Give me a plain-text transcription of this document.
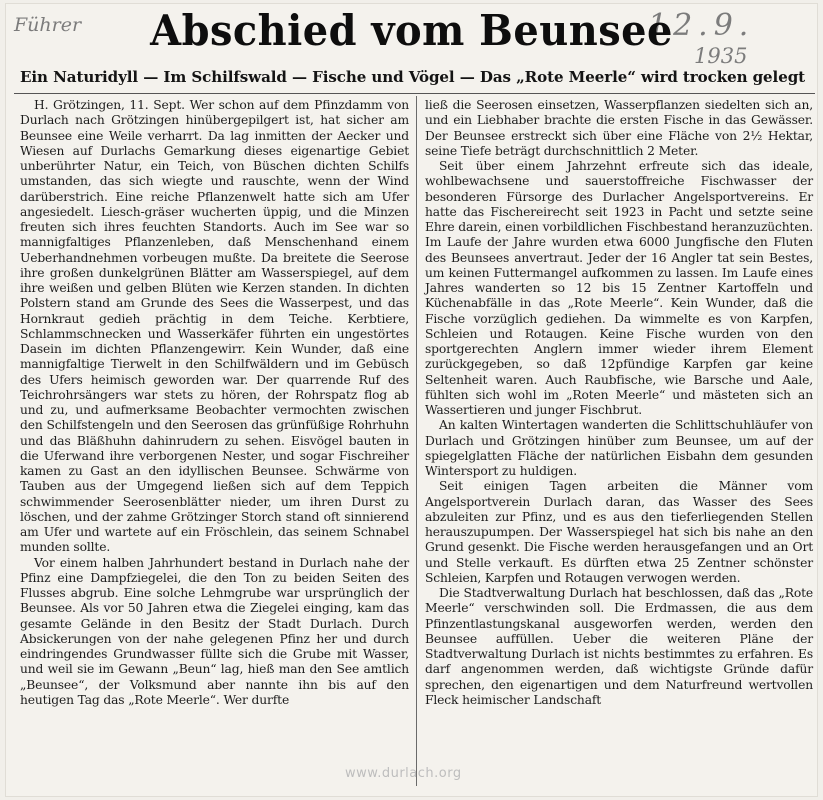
Führer	12.9.
1935
Abschied vom Beunsee
Ein Naturidyll — Im Schilfswald — Fische und Vögel — Das „Rote Meerle“ wird trocken gelegt

H. Grötzingen, 11. Sept. Wer schon auf dem Pfinzdamm von Durlach nach Grötzingen hinübergepilgert ist, hat sicher am Beunsee eine Weile verharrt. Da lag inmitten der Aecker und Wiesen auf Durlachs Gemarkung dieses eigenartige Gebiet unberührter Natur, ein Teich, von Büschen dichten Schilfs umstanden, das sich wiegte und rauschte, wenn der Wind darüberstrich. Eine reiche Pflanzenwelt hatte sich am Ufer angesiedelt. Liesch-gräser wucherten üppig, und die Minzen freuten sich ihres feuchten Standorts. Auch im See war so mannigfaltiges Pflanzenleben, daß Menschenhand einem Ueberhandnehmen vorbeugen mußte. Da breitete die Seerose ihre großen dunkelgrünen Blätter am Wasserspiegel, auf dem ihre weißen und gelben Blüten wie Kerzen standen. In dichten Polstern stand am Grunde des Sees die Wasserpest, und das Hornkraut gedieh prächtig in dem Teiche. Kerbtiere, Schlammschnecken und Wasserkäfer führten ein ungestörtes Dasein im dichten Pflanzengewirr. Kein Wunder, daß eine mannigfaltige Tierwelt in den Schilfwäldern und im Gebüsch des Ufers heimisch geworden war. Der quarrende Ruf des Teichrohrsängers war stets zu hören, der Rohrspatz flog ab und zu, und aufmerksame Beobachter vermochten zwischen den Schilfstengeln und den Seerosen das grünfüßige Rohrhuhn und das Bläßhuhn dahinrudern zu sehen. Eisvögel bauten in die Uferwand ihre verborgenen Nester, und sogar Fischreiher kamen zu Gast an den idyllischen Beunsee. Schwärme von Tauben aus der Umgegend ließen sich auf dem Teppich schwimmender Seerosenblätter nieder, um ihren Durst zu löschen, und der zahme Grötzinger Storch stand oft sinnierend am Ufer und wartete auf ein Fröschlein, das seinem Schnabel munden sollte.

Vor einem halben Jahrhundert bestand in Durlach nahe der Pfinz eine Dampfziegelei, die den Ton zu beiden Seiten des Flusses abgrub. Eine solche Lehmgrube war ursprünglich der Beunsee. Als vor 50 Jahren etwa die Ziegelei einging, kam das gesamte Gelände in den Besitz der Stadt Durlach. Durch Absickerungen von der nahe gelegenen Pfinz her und durch eindringendes Grundwasser füllte sich die Grube mit Wasser, und weil sie im Gewann „Beun“ lag, hieß man den See amtlich „Beunsee“, der Volksmund aber nannte ihn bis auf den heutigen Tag das „Rote Meerle“. Wer durfte

ließ die Seerosen einsetzen, Wasserpflanzen siedelten sich an, und ein Liebhaber brachte die ersten Fische in das Gewässer. Der Beunsee erstreckt sich über eine Fläche von 2½ Hektar, seine Tiefe beträgt durchschnittlich 2 Meter.

Seit über einem Jahrzehnt erfreute sich das ideale, wohlbewachsene und sauerstoffreiche Fischwasser der besonderen Fürsorge des Durlacher Angelsportvereins. Er hatte das Fischereirecht seit 1923 in Pacht und setzte seine Ehre darein, einen vorbildlichen Fischbestand heranzuzüchten. Im Laufe der Jahre wurden etwa 6000 Jungfische den Fluten des Beunsees anvertraut. Jeder der 16 Angler tat sein Bestes, um keinen Futtermangel aufkommen zu lassen. Im Laufe eines Jahres wanderten so 12 bis 15 Zentner Kartoffeln und Küchenabfälle in das „Rote Meerle“. Kein Wunder, daß die Fische vorzüglich gediehen. Da wimmelte es von Karpfen, Schleien und Rotaugen. Keine Fische wurden von den sportgerechten Anglern immer wieder ihrem Element zurückgegeben, so daß 12pfündige Karpfen gar keine Seltenheit waren. Auch Raubfische, wie Barsche und Aale, fühlten sich wohl im „Roten Meerle“ und mästeten sich an Wassertieren und junger Fischbrut.

An kalten Wintertagen wanderten die Schlittschuhläufer von Durlach und Grötzingen hinüber zum Beunsee, um auf der spiegelglatten Fläche der natürlichen Eisbahn dem gesunden Wintersport zu huldigen.

Seit einigen Tagen arbeiten die Männer vom Angelsportverein Durlach daran, das Wasser des Sees abzuleiten zur Pfinz, und es aus den tieferliegenden Stellen herauszupumpen. Der Wasserspiegel hat sich bis nahe an den Grund gesenkt. Die Fische werden herausgefangen und an Ort und Stelle verkauft. Es dürften etwa 25 Zentner schönster Schleien, Karpfen und Rotaugen verwogen werden.

Die Stadtverwaltung Durlach hat beschlossen, daß das „Rote Meerle“ verschwinden soll. Die Erdmassen, die aus dem Pfinzentlastungskanal ausgeworfen werden, werden den Beunsee auffüllen. Ueber die weiteren Pläne der Stadtverwaltung Durlach ist nichts bestimmtes zu erfahren. Es darf angenommen werden, daß wichtigste Gründe dafür sprechen, den eigenartigen und dem Naturfreund wertvollen Fleck heimischer Landschaft

www.durlach.org
